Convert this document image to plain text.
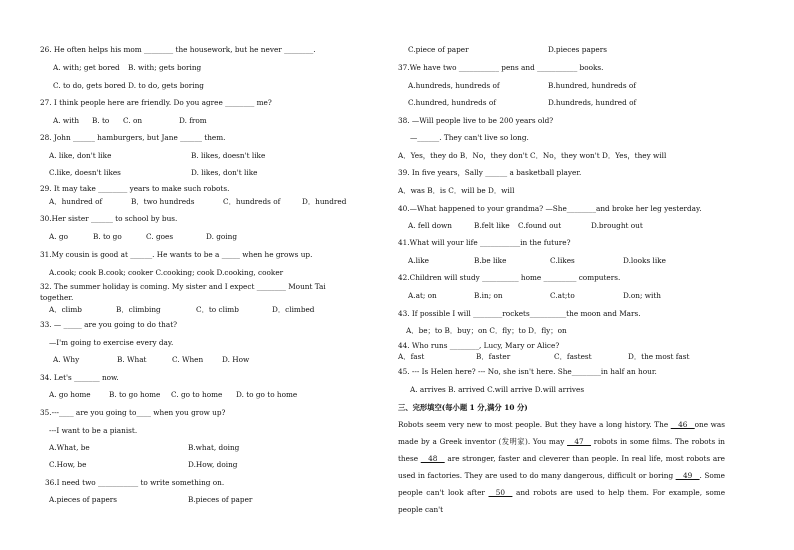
26. He often helps his mom ________ the housework, but he never ________.
A. with; get bored B. with; gets boring
C. to do, gets bored D. to do, gets boring
27. I think people here are friendly. Do you agree ________ me?
A. with B. to C. on	D. from
28. John ______ hamburgers, but Jane ______ them.
A. like, don't like	B. likes, doesn't like
C.like, doesn't likes	D. likes, don't like
29. It may take ________ years to make such robots.
A．hundred of	B．two hundreds	C．hundreds of	D．hundred
30.Her sister ______ to school by bus.
A. go	B. to go	C. goes	D. going
31.My cousin is good at ______. He wants to be a _____ when he grows up.
A.cook; cook B.cook; cooker C.cooking; cook D.cooking, cooker
32. The summer holiday is coming. My sister and I expect ________ Mount Tai
together.
A．climb	B．climbing	C．to climb	D．climbed
33. — _____ are you going to do that?
—I'm going to exercise every day.
A. Why	B. What	C. When	D. How
34. Let's _______ now.
A. go home	B. to go home C. go to home D. to go to home
35.---____ are you going to____ when you grow up?
---I want to be a pianist.
A.What, be	B.what, doing
C.How, be	D.How, doing
36.I need two ___________ to write something on.
A.pieces of papers	B.pieces of paper
C.piece of paper	D.pieces papers
37.We have two ___________ pens and ___________ books.
A.hundreds, hundreds of	B.hundred, hundreds of
C.hundred, hundreds of	D.hundreds, hundred of
38. —Will people live to be 200 years old?
—______. They can't live so long.
A．Yes，they do B．No，they don't C．No，they won't D．Yes，they will
39. In five years，Sally ______ a basketball player.
A．was B．is C．will be D．will
40.—What happened to your grandma? —She________and broke her leg yesterday.
A. fell down	B.felt like C.found out	D.brought out
41.What will your life ___________in the future?
A.like	B.be like	C.likes	D.looks like
42.Children will study __________ home _________ computers.
A.at; on	B.in; on	C.at;to	D.on; with
43. If possible I will ________rockets__________the moon and Mars.
A．be；to B．buy；on C．fly；to D．fly；on
44. Who runs ________, Lucy, Mary or Alice?
A．fast	B．faster	C．fastest	D．the most fast
45. --- Is Helen here? --- No, she isn't here. She________in half an hour.
A. arrives B. arrived C.will arrive D.will arrives
三、完形填空(每小题 1 分,满分 10 分)
Robots seem very new to most people. But they have a long history. The __46__one was made by a Greek inventor (发明家). You may __47__ robots in some films. The robots in these __48__ are stronger, faster and cleverer than people. In real life, most robots are used in factories. They are used to do many dangerous, difficult or boring __49__. Some people can't look after __50__ and robots are used to help them. For example, some people can't
